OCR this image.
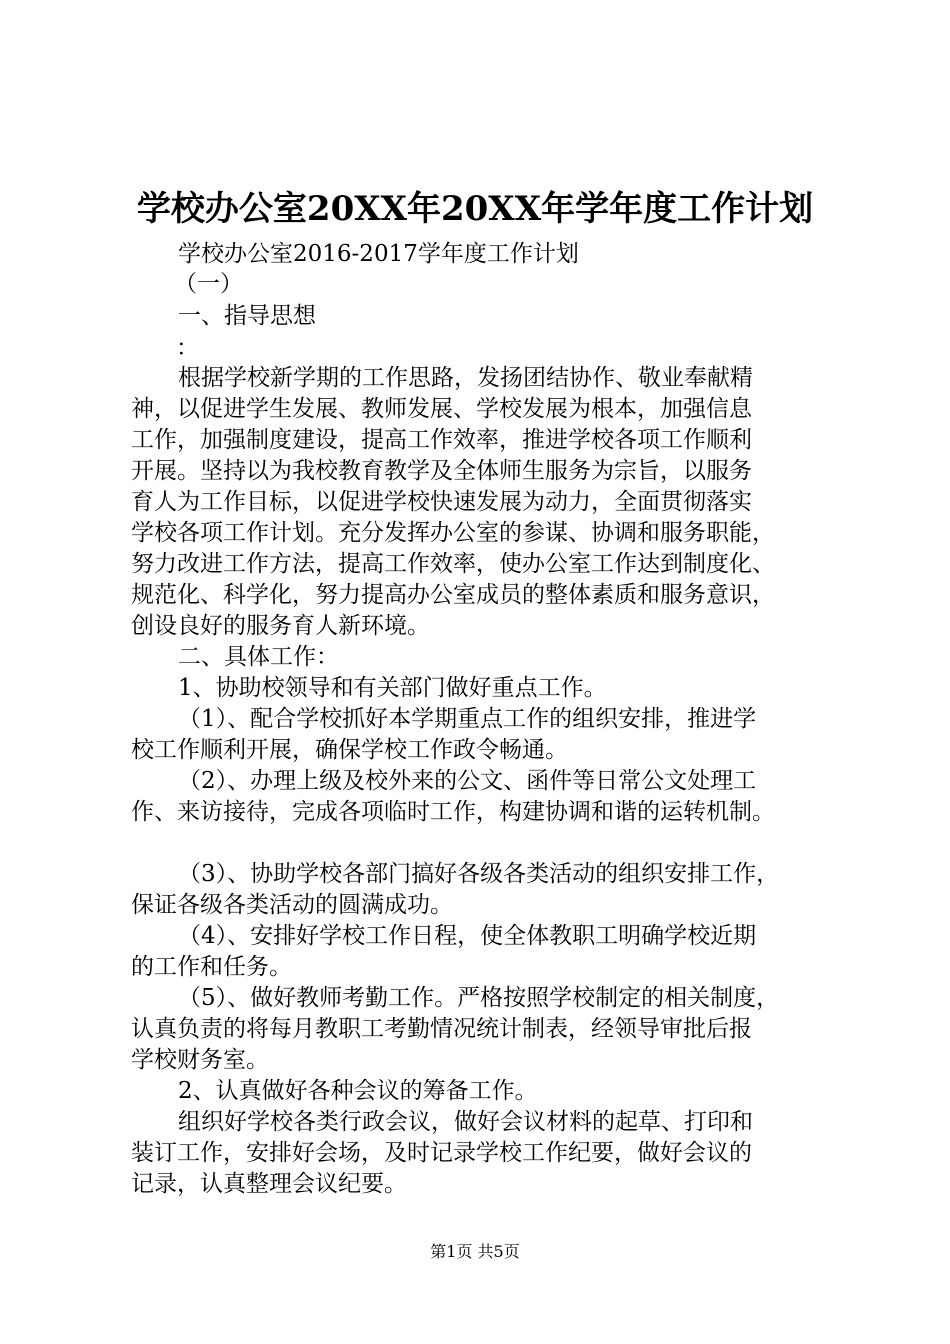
学校办公室20XX年20XX年学年度工作计划
学校办公室2016-2017学年度工作计划
（一）
一、指导思想
：
根据学校新学期的工作思路，发扬团结协作、敬业奉献精
神，以促进学生发展、教师发展、学校发展为根本，加强信息
工作，加强制度建设，提高工作效率，推进学校各项工作顺利
开展。坚持以为我校教育教学及全体师生服务为宗旨，以服务
育人为工作目标，以促进学校快速发展为动力，全面贯彻落实
学校各项工作计划。充分发挥办公室的参谋、协调和服务职能，
努力改进工作方法，提高工作效率，使办公室工作达到制度化、
规范化、科学化，努力提高办公室成员的整体素质和服务意识，
创设良好的服务育人新环境。
二、具体工作：
1、协助校领导和有关部门做好重点工作。
（1）、配合学校抓好本学期重点工作的组织安排，推进学
校工作顺利开展，确保学校工作政令畅通。
（2）、办理上级及校外来的公文、函件等日常公文处理工
作、来访接待，完成各项临时工作，构建协调和谐的运转机制。
（3）、协助学校各部门搞好各级各类活动的组织安排工作，
保证各级各类活动的圆满成功。
（4）、安排好学校工作日程，使全体教职工明确学校近期
的工作和任务。
（5）、做好教师考勤工作。严格按照学校制定的相关制度，
认真负责的将每月教职工考勤情况统计制表，经领导审批后报
学校财务室。
2、认真做好各种会议的筹备工作。
组织好学校各类行政会议，做好会议材料的起草、打印和
装订工作，安排好会场，及时记录学校工作纪要，做好会议的
记录，认真整理会议纪要。
第1页 共5页
